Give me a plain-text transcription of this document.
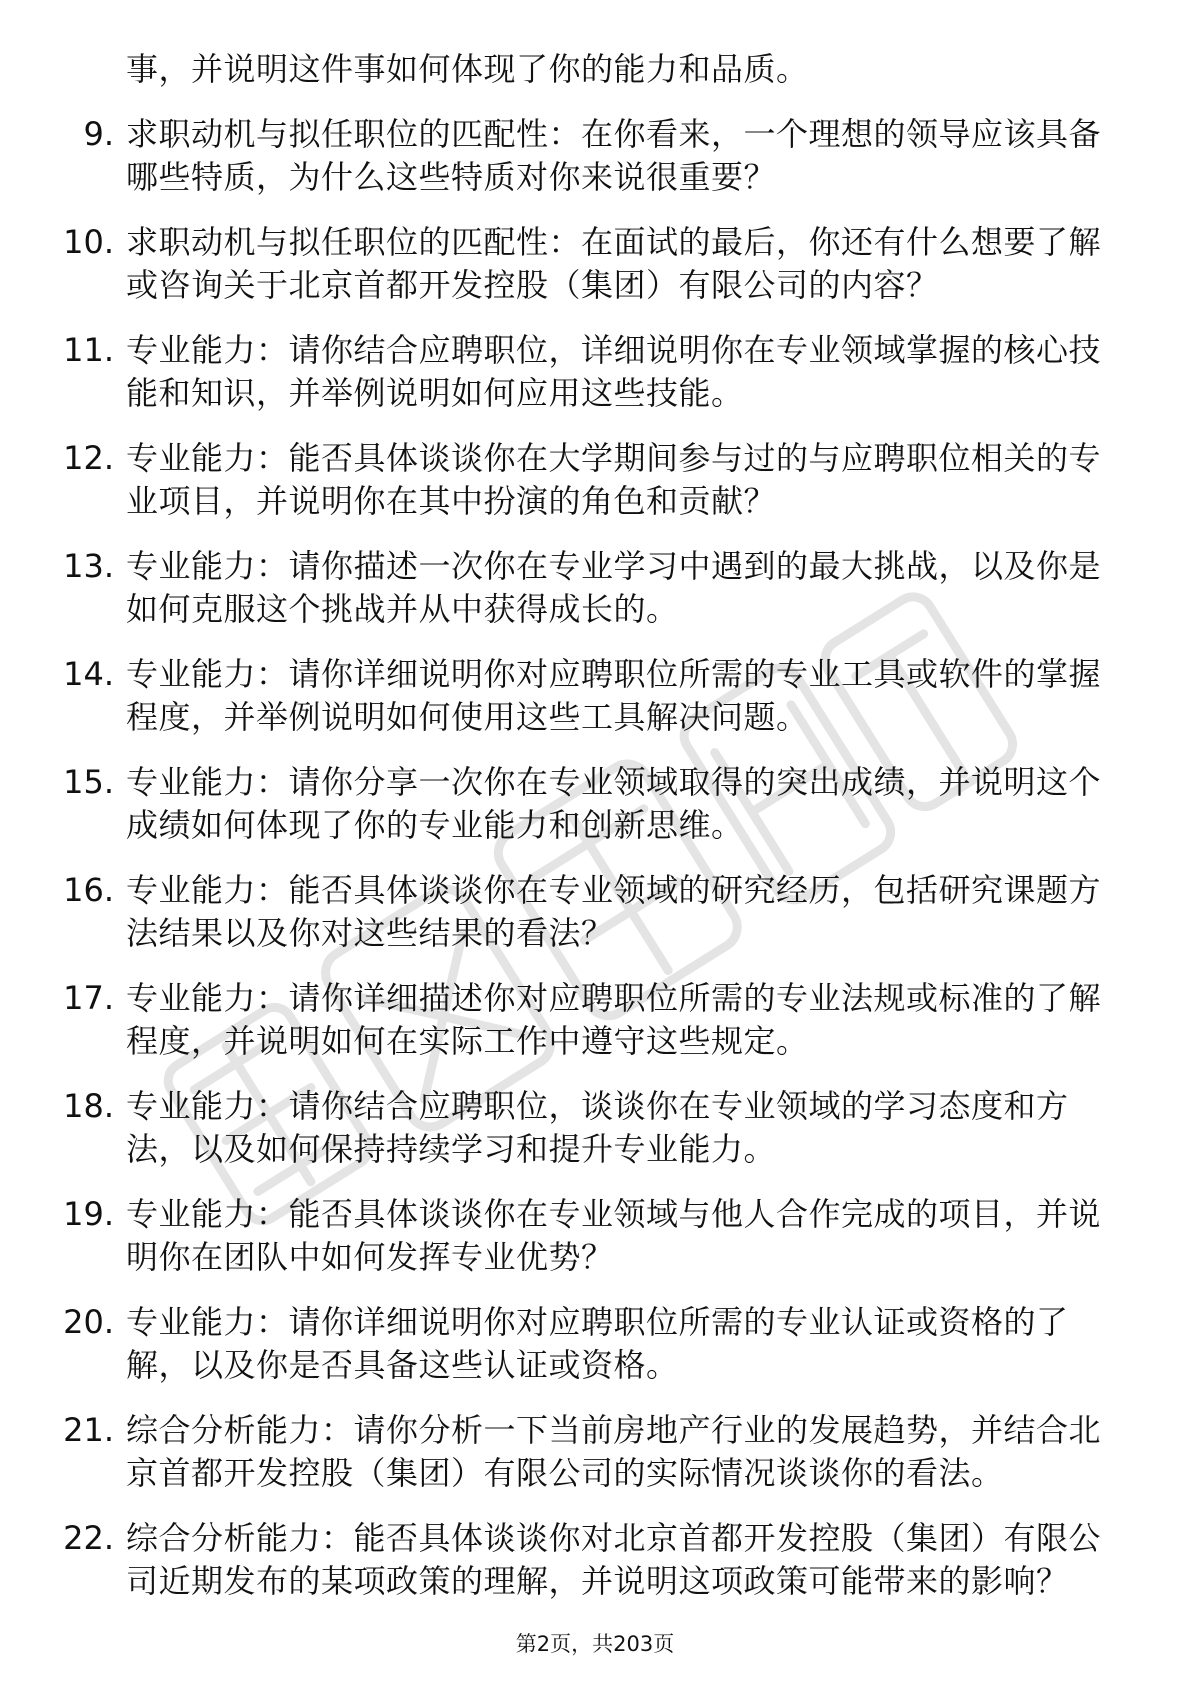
事，并说明这件事如何体现了你的能力和品质。
9. 求职动机与拟任职位的匹配性：在你看来，一个理想的领导应该具备哪些特质，为什么这些特质对你来说很重要？
10. 求职动机与拟任职位的匹配性：在面试的最后，你还有什么想要了解或咨询关于北京首都开发控股（集团）有限公司的内容？
11. 专业能力：请你结合应聘职位，详细说明你在专业领域掌握的核心技能和知识，并举例说明如何应用这些技能。
12. 专业能力：能否具体谈谈你在大学期间参与过的与应聘职位相关的专业项目，并说明你在其中扮演的角色和贡献？
13. 专业能力：请你描述一次你在专业学习中遇到的最大挑战，以及你是如何克服这个挑战并从中获得成长的。
14. 专业能力：请你详细说明你对应聘职位所需的专业工具或软件的掌握程度，并举例说明如何使用这些工具解决问题。
15. 专业能力：请你分享一次你在专业领域取得的突出成绩，并说明这个成绩如何体现了你的专业能力和创新思维。
16. 专业能力：能否具体谈谈你在专业领域的研究经历，包括研究课题方法结果以及你对这些结果的看法？
17. 专业能力：请你详细描述你对应聘职位所需的专业法规或标准的了解程度，并说明如何在实际工作中遵守这些规定。
18. 专业能力：请你结合应聘职位，谈谈你在专业领域的学习态度和方法，以及如何保持持续学习和提升专业能力。
19. 专业能力：能否具体谈谈你在专业领域与他人合作完成的项目，并说明你在团队中如何发挥专业优势？
20. 专业能力：请你详细说明你对应聘职位所需的专业认证或资格的了解，以及你是否具备这些认证或资格。
21. 综合分析能力：请你分析一下当前房地产行业的发展趋势，并结合北京首都开发控股（集团）有限公司的实际情况谈谈你的看法。
22. 综合分析能力：能否具体谈谈你对北京首都开发控股（集团）有限公司近期发布的某项政策的理解，并说明这项政策可能带来的影响？
第2页，共203页
